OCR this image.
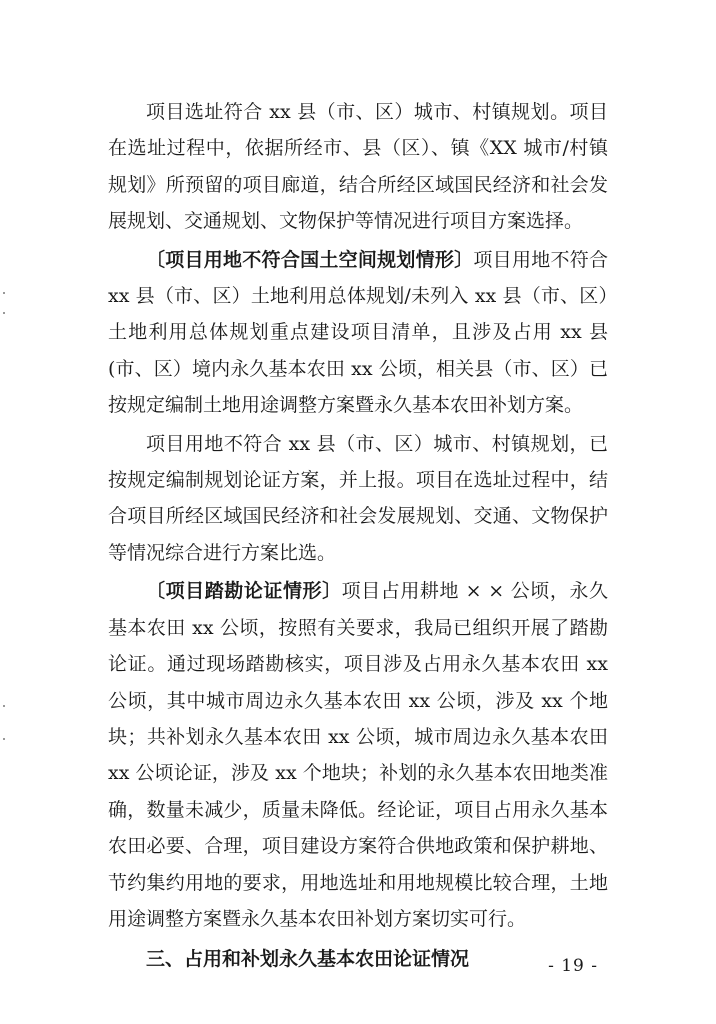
项目选址符合 xx 县（市、区）城市、村镇规划。项目在选址过程中，依据所经市、县（区）、镇《XX 城市/村镇规划》所预留的项目廊道，结合所经区域国民经济和社会发展规划、交通规划、文物保护等情况进行项目方案选择。

〔项目用地不符合国土空间规划情形〕项目用地不符合 xx 县（市、区）土地利用总体规划/未列入 xx 县（市、区）土地利用总体规划重点建设项目清单，且涉及占用 xx 县(市、区）境内永久基本农田 xx 公顷，相关县（市、区）已按规定编制土地用途调整方案暨永久基本农田补划方案。

项目用地不符合 xx 县（市、区）城市、村镇规划，已按规定编制规划论证方案，并上报。项目在选址过程中，结合项目所经区域国民经济和社会发展规划、交通、文物保护等情况综合进行方案比选。

〔项目踏勘论证情形〕项目占用耕地 × × 公顷，永久基本农田 xx 公顷，按照有关要求，我局已组织开展了踏勘论证。通过现场踏勘核实，项目涉及占用永久基本农田 xx 公顷，其中城市周边永久基本农田 xx 公顷，涉及 xx 个地块；共补划永久基本农田 xx 公顷，城市周边永久基本农田 xx 公顷论证，涉及 xx 个地块；补划的永久基本农田地类准确，数量未减少，质量未降低。经论证，项目占用永久基本农田必要、合理，项目建设方案符合供地政策和保护耕地、节约集约用地的要求，用地选址和用地规模比较合理，土地用途调整方案暨永久基本农田补划方案切实可行。

三、占用和补划永久基本农田论证情况	- 19 -
